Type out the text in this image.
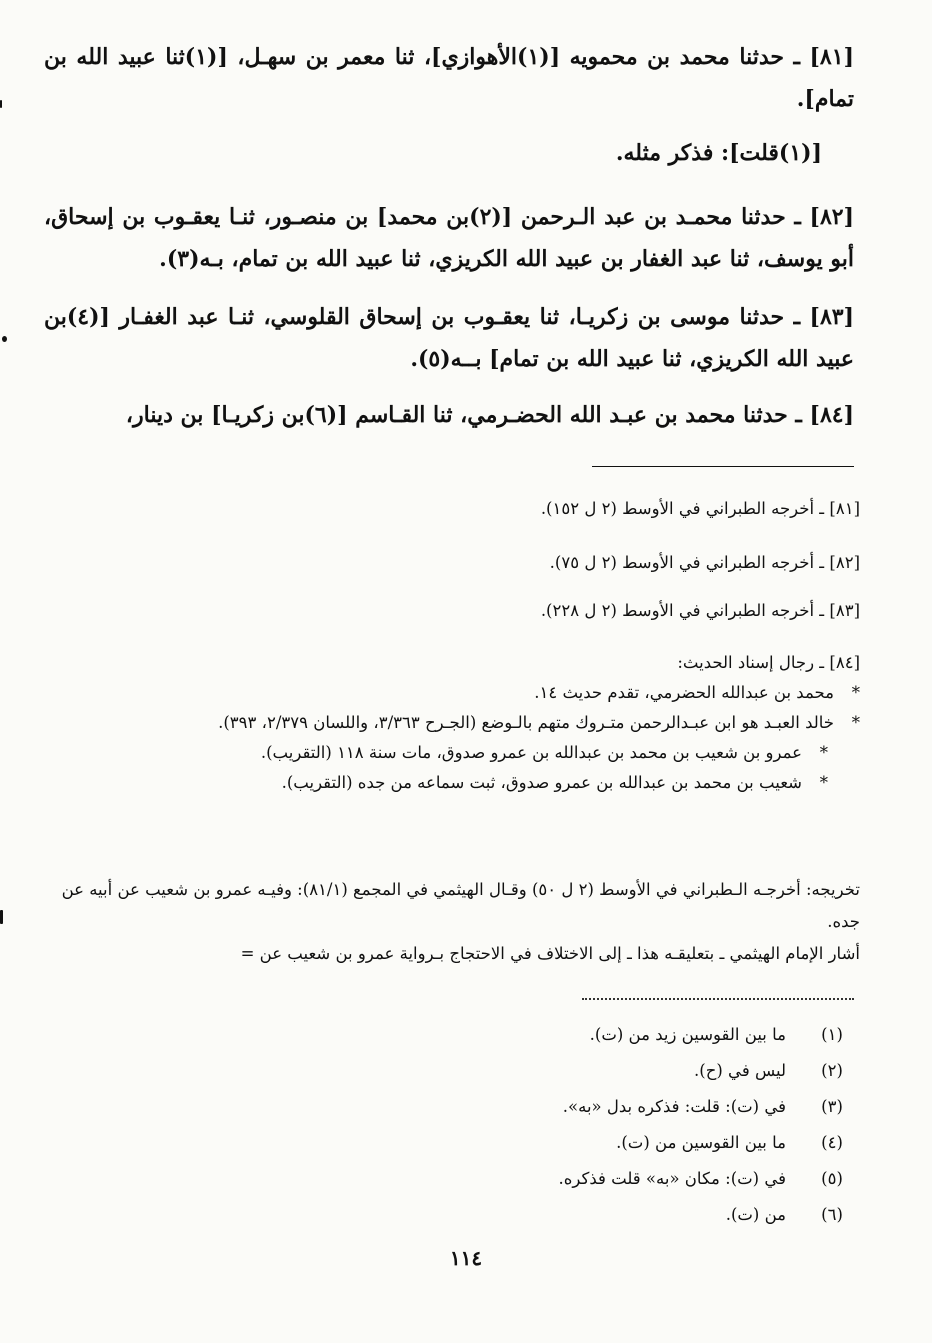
[٨١] ـ حدثنا محمد بن محمويه [(١)الأهوازي]، ثنا معمر بن سهـل، [(١)ثنا عبيد الله بن تمام].

[(١)قلت]: فذكر مثله.

[٨٢] ـ حدثنا محمـد بن عبد الـرحمن [(٢)بن محمد] بن منصـور، ثنـا يعقـوب بن إسحاق، أبو يوسف، ثنا عبد الغفار بن عبيد الله الكريزي، ثنا عبيد الله بن تمام، بـه(٣).

[٨٣] ـ حدثنا موسى بن زكريـا، ثنا يعقـوب بن إسحاق القلوسي، ثنـا عبد الغفـار [(٤)بن عبيد الله الكريزي، ثنا عبيد الله بن تمام] بــه(٥).

[٨٤] ـ حدثنا محمد بن عبـد الله الحضـرمي، ثنا القـاسم [(٦)بن زكريـا] بن دينار،

[٨١] ـ أخرجه الطبراني في الأوسط (٢ ل ١٥٢).

[٨٢] ـ أخرجه الطبراني في الأوسط (٢ ل ٧٥).

[٨٣] ـ أخرجه الطبراني في الأوسط (٢ ل ٢٢٨).

[٨٤] ـ رجال إسناد الحديث:

*
محمد بن عبدالله الحضرمي، تقدم حديث ١٤.
*
خالد العبـد هو ابن عبـدالرحمن متـروك متهم بالـوضع (الجـرح ٣/٣٦٣، واللسان ٢/٣٧٩، ٣٩٣).
*
عمرو بن شعيب بن محمد بن عبدالله بن عمرو صدوق، مات سنة ١١٨ (التقريب).
*
شعيب بن محمد بن عبدالله بن عمرو صدوق، ثبت سماعه من جده (التقريب).

تخريجه: أخرجـه الـطبراني في الأوسط (٢ ل ٥٠) وقـال الهيثمي في المجمع (٨١/١): وفيـه عمرو بن شعيب عن أبيه عن جده.

أشار الإمام الهيثمي ـ بتعليقـه هذا ـ إلى الاختلاف في الاحتجاج بـرواية عمرو بن شعيب عن =

(١)
ما بين القوسين زيد من (ت).
(٢)
ليس في (ح).
(٣)
في (ت): قلت: فذكره بدل «به».
(٤)
ما بين القوسين من (ت).
(٥)
في (ت): مكان «به» قلت فذكره.
(٦)
من (ت).
١١٤
